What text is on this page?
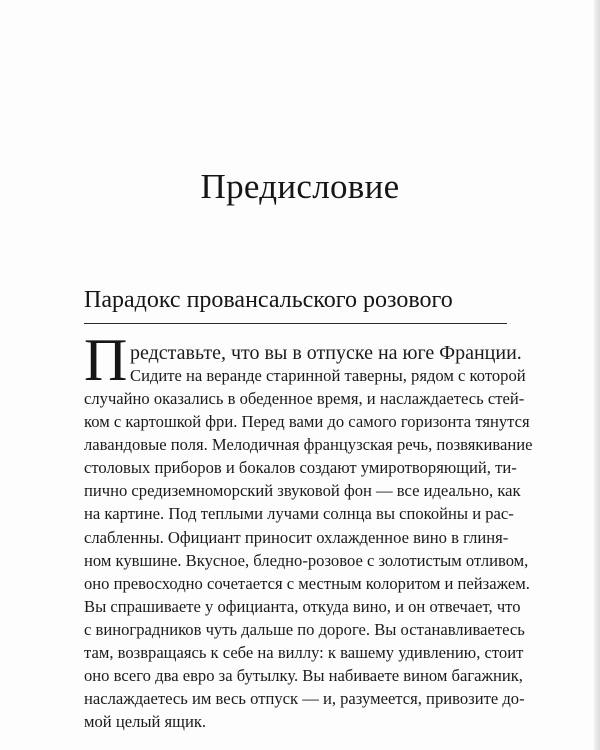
Предисловие
Парадокс провансальского розового
П редставьте, что вы в отпуске на юге Франции.
Сидите на веранде старинной таверны, рядом с которой
случайно оказались в обеденное время, и наслаждаетесь стей-
ком с картошкой фри. Перед вами до самого горизонта тянутся
лавандовые поля. Мелодичная французская речь, позвякивание
столовых приборов и бокалов создают умиротворяющий, ти-
пично средиземноморский звуковой фон — все идеально, как
на картине. Под теплыми лучами солнца вы спокойны и рас-
слабленны. Официант приносит охлажденное вино в глиня-
ном кувшине. Вкусное, бледно-розовое с золотистым отливом,
оно превосходно сочетается с местным колоритом и пейзажем.
Вы спрашиваете у официанта, откуда вино, и он отвечает, что
с виноградников чуть дальше по дороге. Вы останавливаетесь
там, возвращаясь к себе на виллу: к вашему удивлению, стоит
оно всего два евро за бутылку. Вы набиваете вином багажник,
наслаждаетесь им весь отпуск — и, разумеется, привозите до-
мой целый ящик.
